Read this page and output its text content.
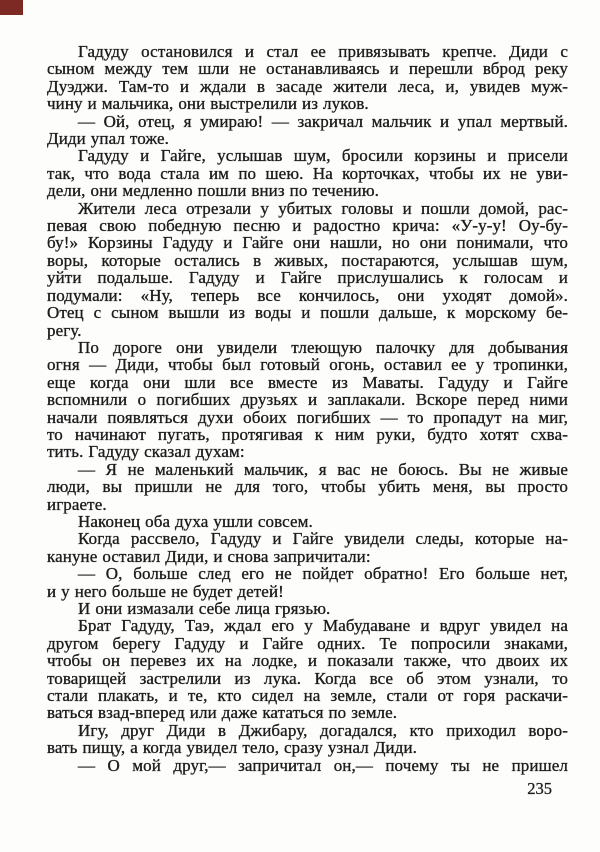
Гадуду остановился и стал ее привязывать крепче. Диди с
сыном между тем шли не останавливаясь и перешли вброд реку
Дуэджи. Там-то и ждали в засаде жители леса, и, увидев муж-
чину и мальчика, они выстрелили из луков.
— Ой, отец, я умираю! — закричал мальчик и упал мертвый.
Диди упал тоже.
Гадуду и Гайге, услышав шум, бросили корзины и присели
так, что вода стала им по шею. На корточках, чтобы их не уви-
дели, они медленно пошли вниз по течению.
Жители леса отрезали у убитых головы и пошли домой, рас-
певая свою победную песню и радостно крича: «У-у-у! Оу-бу-
бу!» Корзины Гадуду и Гайге они нашли, но они понимали, что
воры, которые остались в живых, постараются, услышав шум,
уйти подальше. Гадуду и Гайге прислушались к голосам и
подумали: «Ну, теперь все кончилось, они уходят домой».
Отец с сыном вышли из воды и пошли дальше, к морскому бе-
регу.
По дороге они увидели тлеющую палочку для добывания
огня — Диди, чтобы был готовый огонь, оставил ее у тропинки,
еще когда они шли все вместе из Маваты. Гадуду и Гайге
вспомнили о погибших друзьях и заплакали. Вскоре перед ними
начали появляться духи обоих погибших — то пропадут на миг,
то начинают пугать, протягивая к ним руки, будто хотят схва-
тить. Гадуду сказал духам:
— Я не маленький мальчик, я вас не боюсь. Вы не живые
люди, вы пришли не для того, чтобы убить меня, вы просто
играете.
Наконец оба духа ушли совсем.
Когда рассвело, Гадуду и Гайге увидели следы, которые на-
кануне оставил Диди, и снова запричитали:
— О, больше след его не пойдет обратно! Его больше нет,
и у него больше не будет детей!
И они измазали себе лица грязью.
Брат Гадуду, Таэ, ждал его у Мабудаване и вдруг увидел на
другом берегу Гадуду и Гайге одних. Те попросили знаками,
чтобы он перевез их на лодке, и показали также, что двоих их
товарищей застрелили из лука. Когда все об этом узнали, то
стали плакать, и те, кто сидел на земле, стали от горя раскачи-
ваться взад-вперед или даже кататься по земле.
Игу, друг Диди в Джибару, догадался, кто приходил воро-
вать пищу, а когда увидел тело, сразу узнал Диди.
— О мой друг,— запричитал он,— почему ты не пришел
235
